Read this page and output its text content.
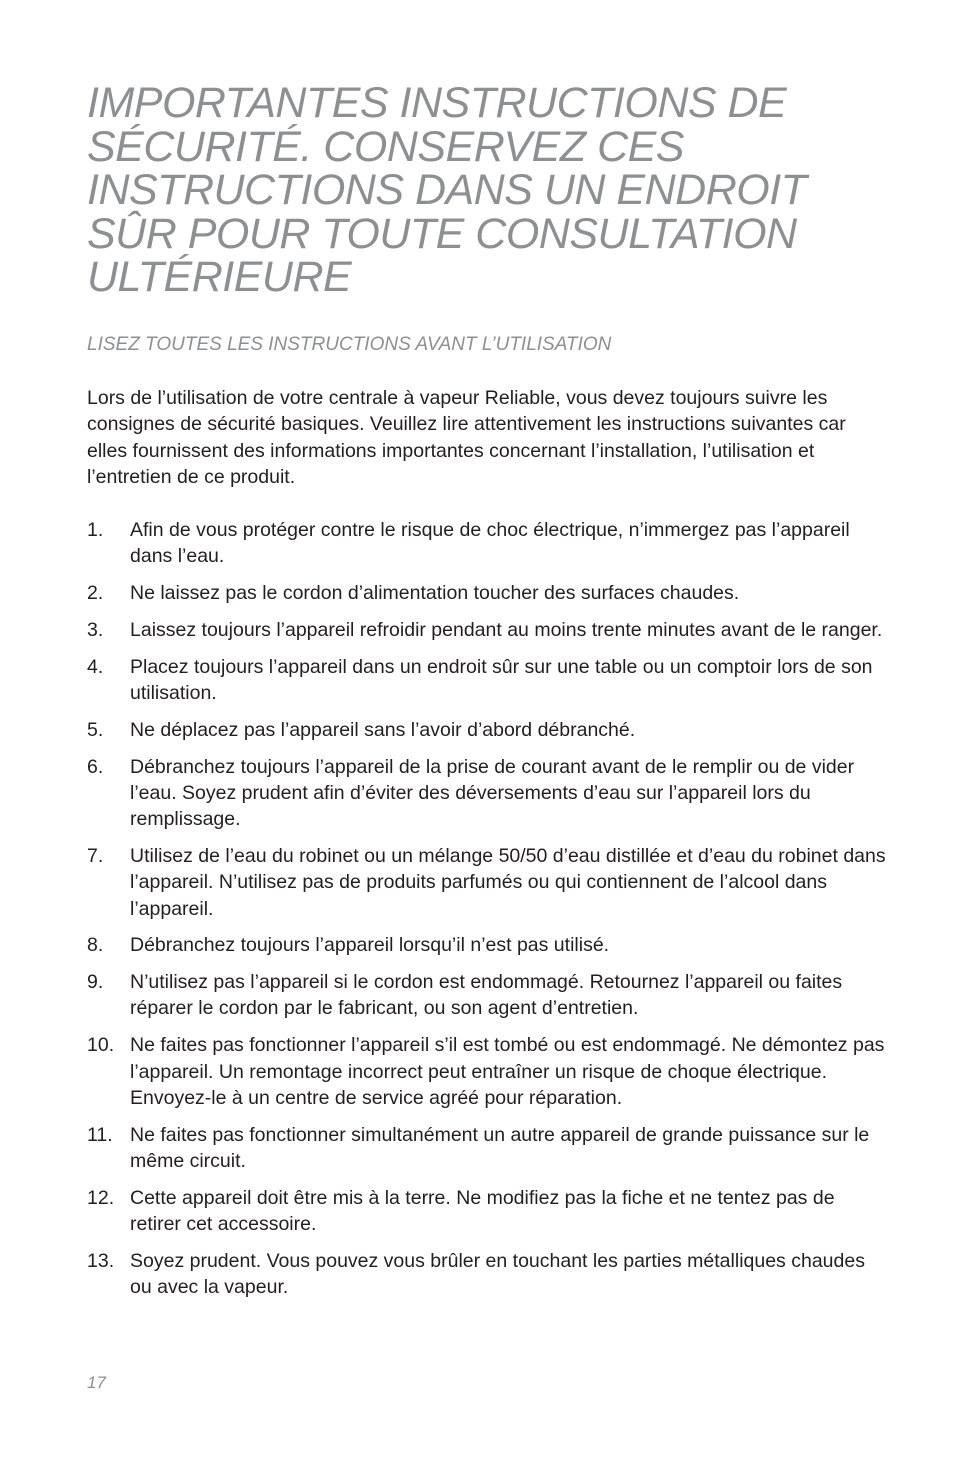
IMPORTANTES INSTRUCTIONS DE SÉCURITÉ. CONSERVEZ CES INSTRUCTIONS DANS UN ENDROIT SÛR POUR TOUTE CONSULTATION ULTÉRIEURE

LISEZ TOUTES LES INSTRUCTIONS AVANT L’UTILISATION

Lors de l’utilisation de votre centrale à vapeur Reliable, vous devez toujours suivre les consignes de sécurité basiques. Veuillez lire attentivement les instructions suivantes car elles fournissent des informations importantes concernant l’installation, l’utilisation et l’entretien de ce produit.

1.	Afin de vous protéger contre le risque de choc électrique, n’immergez pas l’appareil dans l’eau.
2.	Ne laissez pas le cordon d’alimentation toucher des surfaces chaudes.
3.	Laissez toujours l’appareil refroidir pendant au moins trente minutes avant de le ranger.
4.	Placez toujours l’appareil dans un endroit sûr sur une table ou un comptoir lors de son utilisation.
5.	Ne déplacez pas l’appareil sans l’avoir d’abord débranché.
6.	Débranchez toujours l’appareil de la prise de courant avant de le remplir ou de vider l’eau. Soyez prudent afin d’éviter des déversements d’eau sur l’appareil lors du remplissage.
7.	Utilisez de l’eau du robinet ou un mélange 50/50 d’eau distillée et d’eau du robinet dans l’appareil. N’utilisez pas de produits parfumés ou qui contiennent de l’alcool dans l’appareil.
8.	Débranchez toujours l’appareil lorsqu’il n’est pas utilisé.
9.	N’utilisez pas l’appareil si le cordon est endommagé. Retournez l’appareil ou faites réparer le cordon par le fabricant, ou son agent d’entretien.
10. Ne faites pas fonctionner l’appareil s’il est tombé ou est endommagé. Ne démontez pas l’appareil. Un remontage incorrect peut entraîner un risque de choque électrique. Envoyez-le à un centre de service agréé pour réparation.
11. Ne faites pas fonctionner simultanément un autre appareil de grande puissance sur le même circuit.
12. Cette appareil doit être mis à la terre. Ne modifiez pas la fiche et ne tentez pas de retirer cet accessoire.
13. Soyez prudent. Vous pouvez vous brûler en touchant les parties métalliques chaudes ou avec la vapeur.

17
